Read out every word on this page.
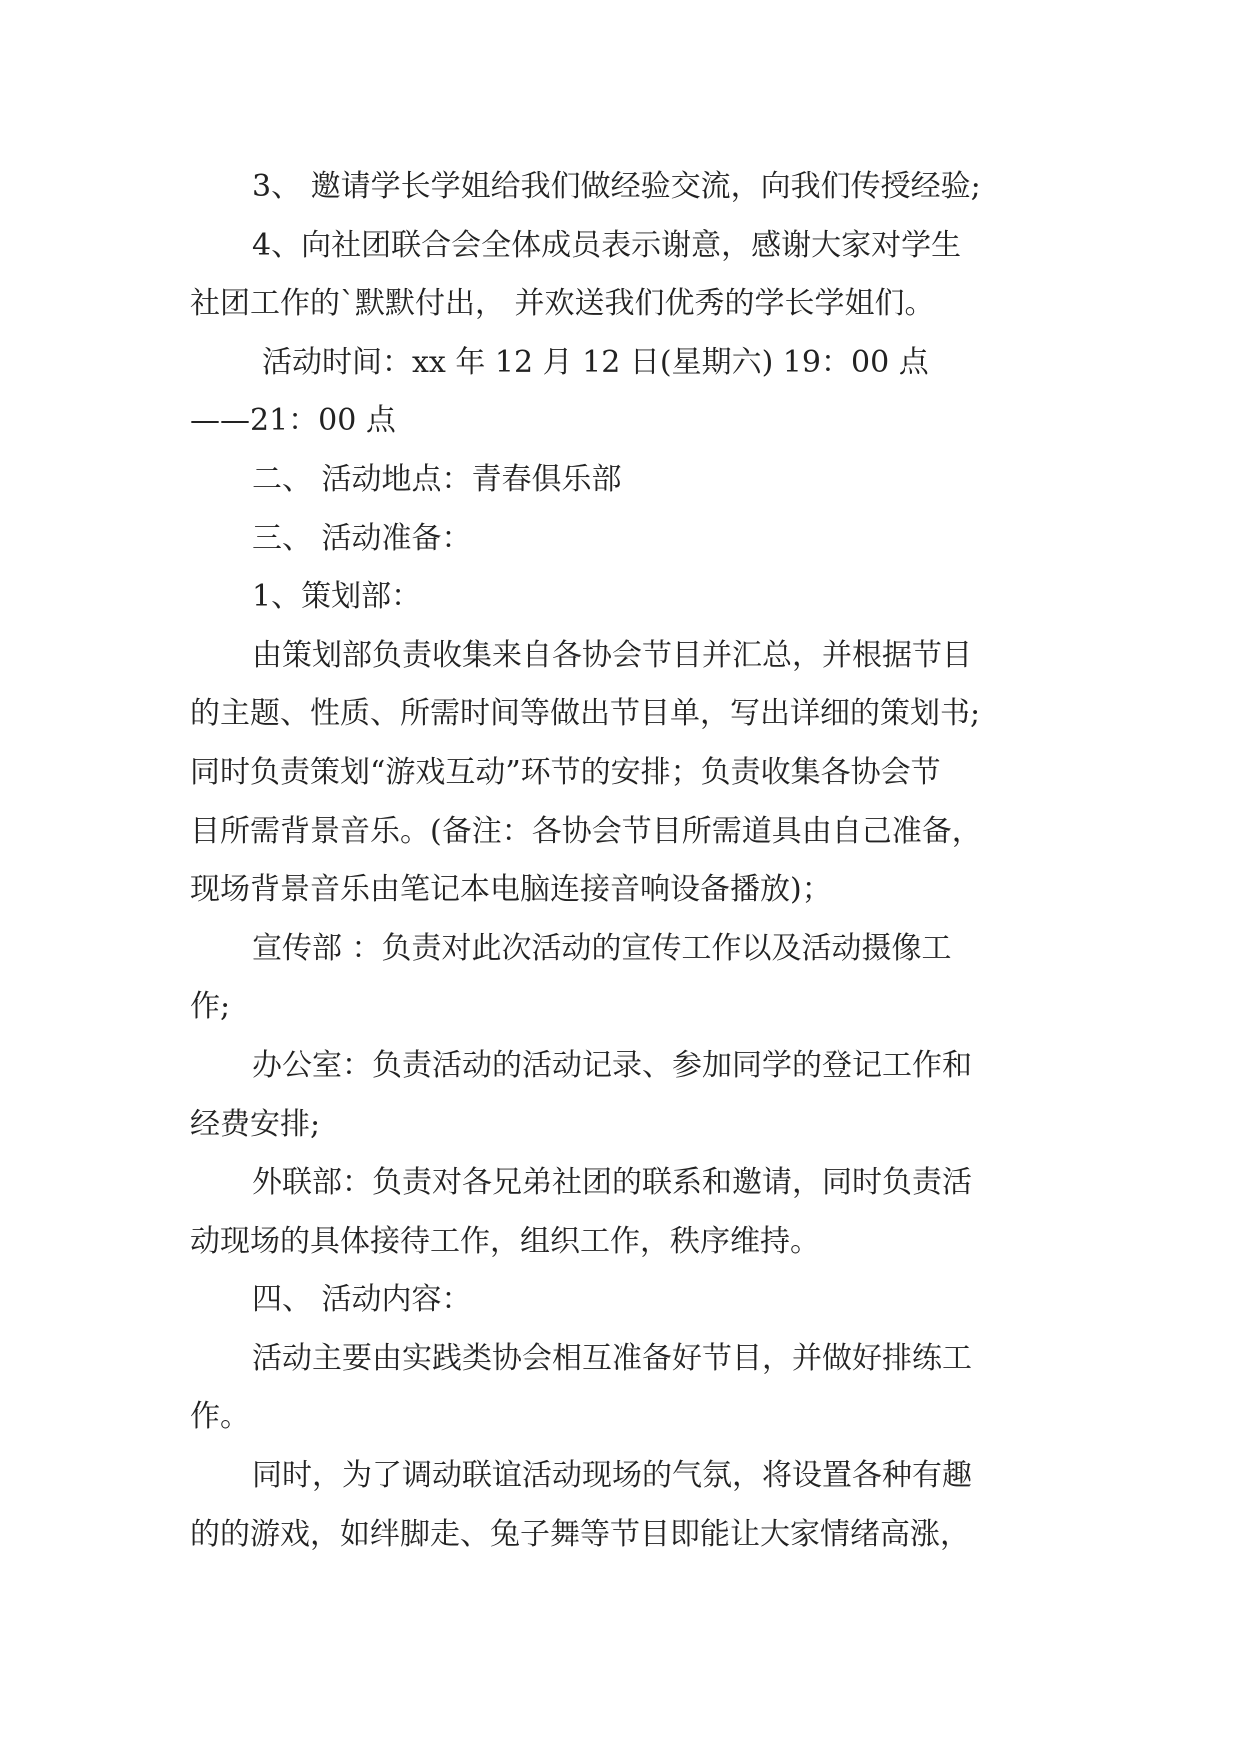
3、 邀请学长学姐给我们做经验交流，向我们传授经验;
4、向社团联合会全体成员表示谢意，感谢大家对学生
社团工作的`默默付出， 并欢送我们优秀的学长学姐们。
活动时间：xx 年 12 月 12 日(星期六) 19：00 点
——21：00 点
二、 活动地点：青春俱乐部
三、 活动准备：
1、策划部：
由策划部负责收集来自各协会节目并汇总，并根据节目
的主题、性质、所需时间等做出节目单，写出详细的策划书;
同时负责策划“游戏互动”环节的安排；负责收集各协会节
目所需背景音乐。(备注：各协会节目所需道具由自己准备，
现场背景音乐由笔记本电脑连接音响设备播放)；
宣传部 ：负责对此次活动的宣传工作以及活动摄像工
作;
办公室：负责活动的活动记录、参加同学的登记工作和
经费安排;
外联部：负责对各兄弟社团的联系和邀请，同时负责活
动现场的具体接待工作，组织工作，秩序维持。
四、 活动内容：
活动主要由实践类协会相互准备好节目，并做好排练工
作。
同时，为了调动联谊活动现场的气氛，将设置各种有趣
的的游戏，如绊脚走、兔子舞等节目即能让大家情绪高涨，
